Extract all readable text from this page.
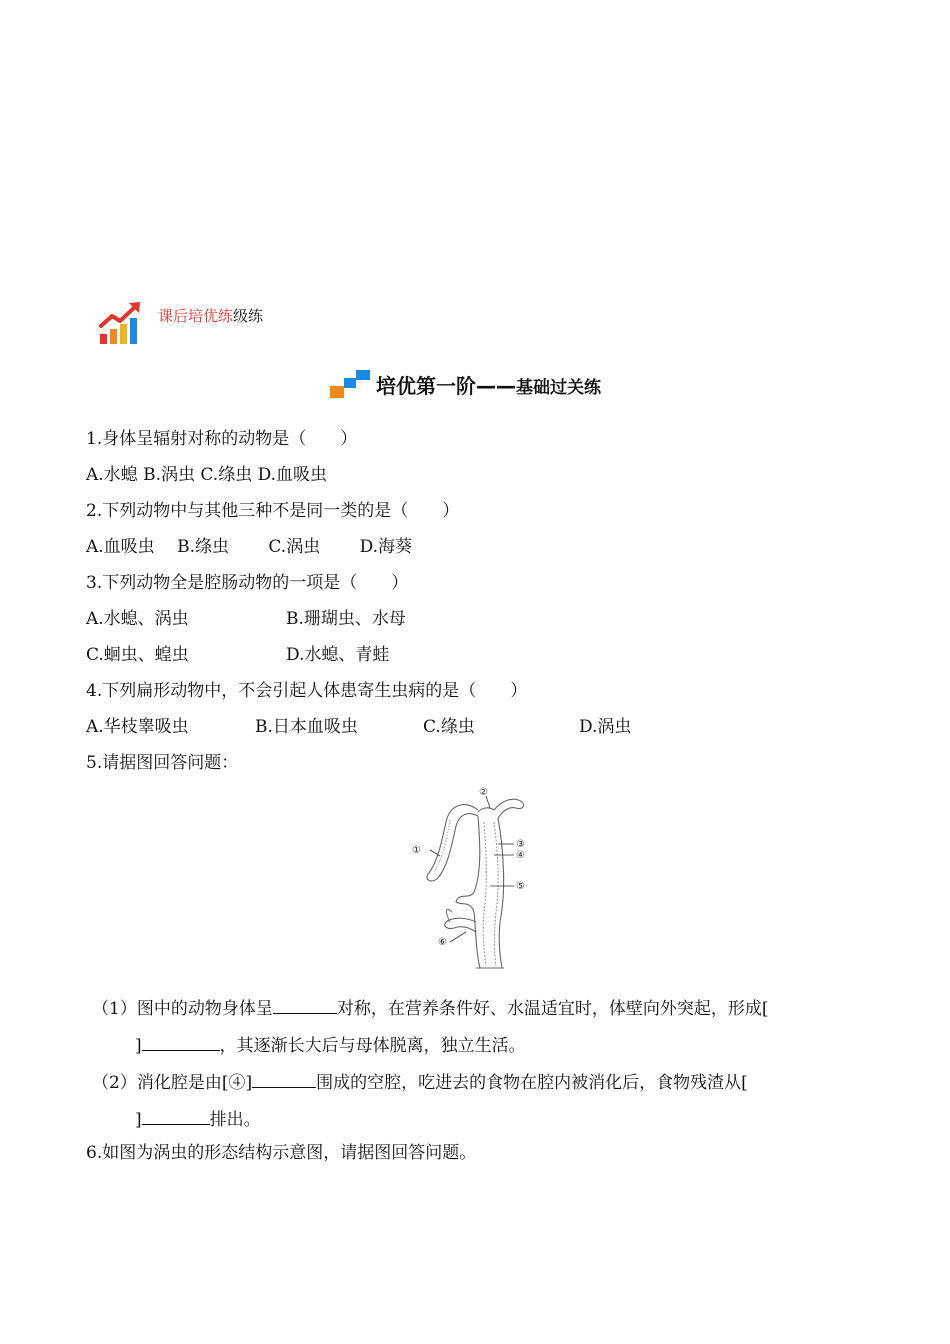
课后培优练级练
培优第一阶——基础过关练
1.身体呈辐射对称的动物是（　　）
A.水螅 B.涡虫 C.绦虫 D.血吸虫
2.下列动物中与其他三种不是同一类的是（　　）
A.血吸虫　 B.绦虫　　 C.涡虫　　 D.海葵
3.下列动物全是腔肠动物的一项是（　　）
A.水螅、涡虫	B.珊瑚虫、水母
C.蛔虫、蝗虫	D.水螅、青蛙
4.下列扁形动物中，不会引起人体患寄生虫病的是（　　）
A.华枝睾吸虫	B.日本血吸虫	C.绦虫	D.涡虫
5.请据图回答问题：
②
①
③
④
⑤
⑥
（1）图中的动物身体呈	对称，在营养条件好、水温适宜时，体壁向外突起，形成[
]	，其逐渐长大后与母体脱离，独立生活。
（2）消化腔是由[④]	围成的空腔，吃进去的食物在腔内被消化后，食物残渣从[
]	排出。
6.如图为涡虫的形态结构示意图，请据图回答问题。
